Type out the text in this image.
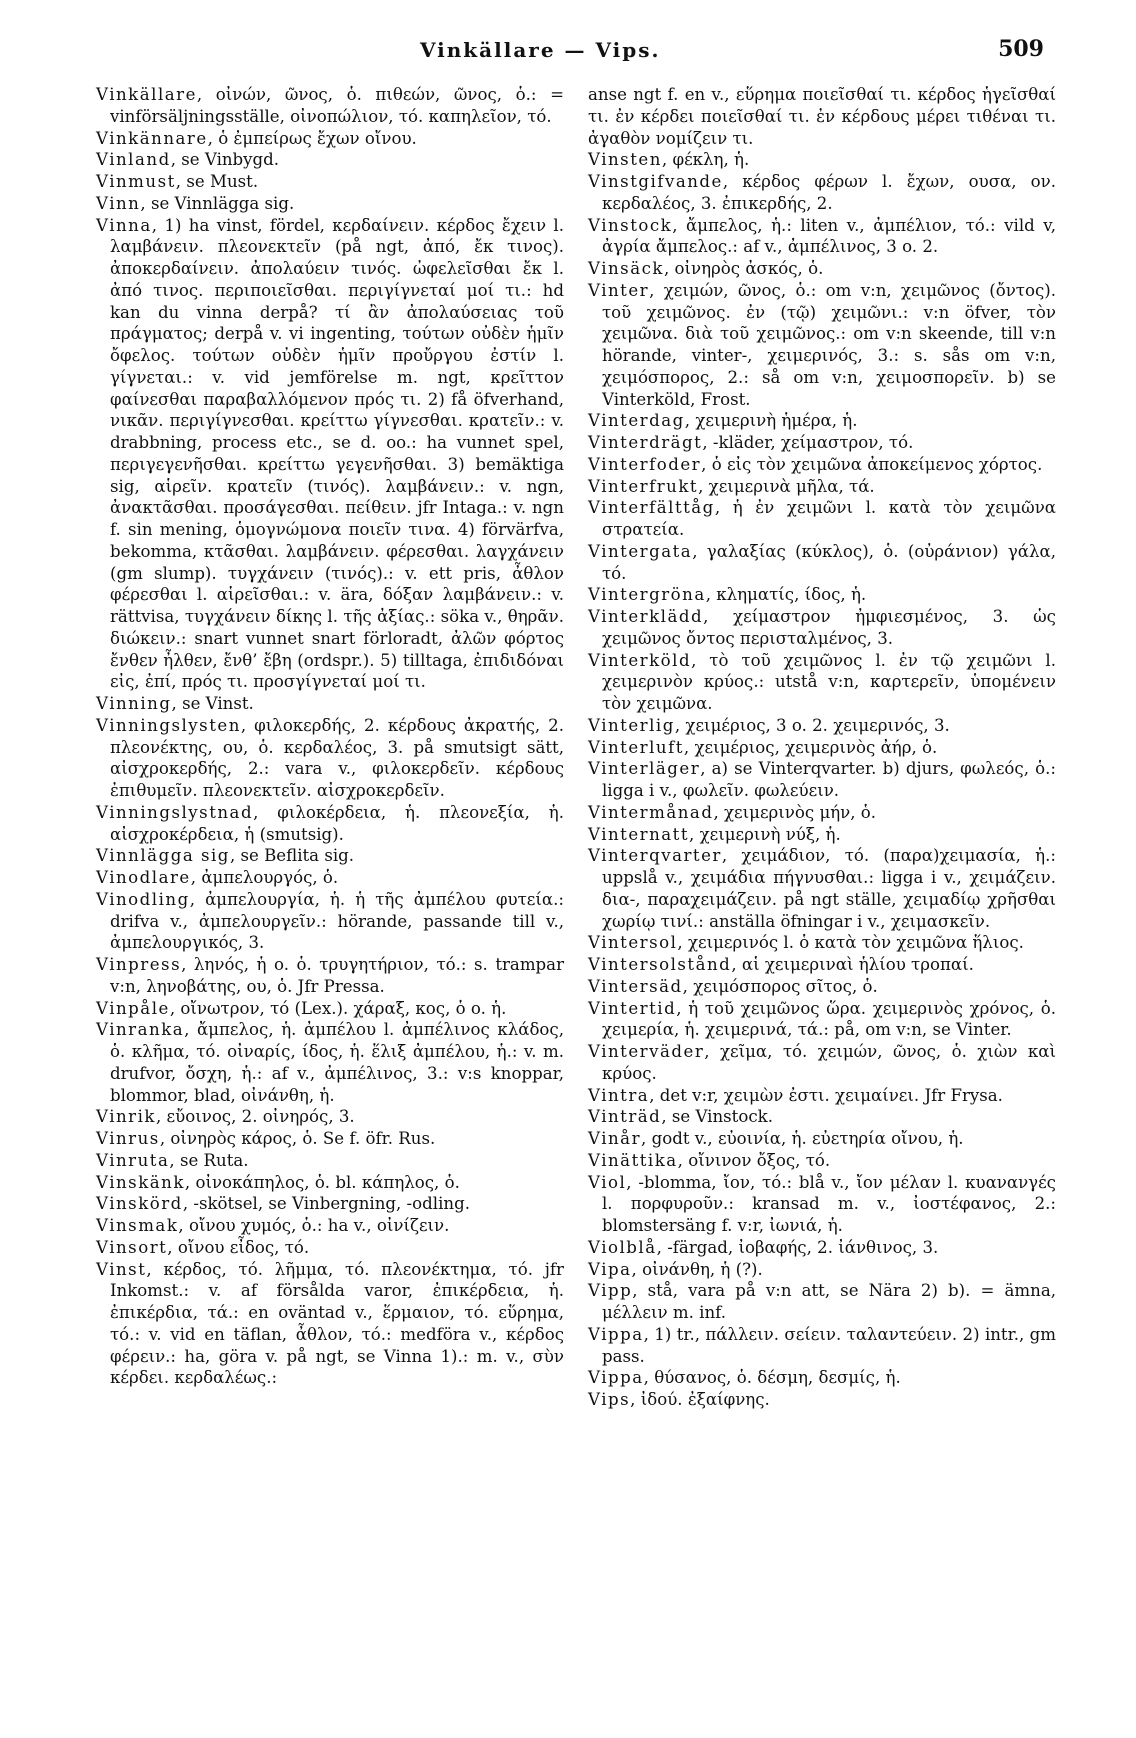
Vinkällare — Vips.	509

Vinkällare , οἰνών, ῶνος, ὁ. πιθεών, ῶνος, ὁ.: = vinförsäljningsställe, οἰνοπώλιον, τό. καπηλεῖον, τό.

Vinkännare , ὁ ἐμπείρως ἔχων οἴνου.

Vinland , se Vinbygd.

Vinmust , se Must.

Vinn , se Vinnlägga sig.

Vinna , 1) ha vinst, fördel, κερδαίνειν. κέρδος ἔχειν l. λαμβάνειν. πλεονεκτεῖν (på ngt, ἀπό, ἔκ τινος). ἀποκερδαίνειν. ἀπολαύειν τινός. ὠφελεῖσθαι ἔκ l. ἀπό τινος. περιποιεῖσθαι. περιγίγνεταί μοί τι.: hd kan du vinna derpå? τί ἂν ἀπολαύσειας τοῦ πράγματος; derpå v. vi ingenting, τούτων οὐδὲν ἡμῖν ὄφελος. τούτων οὐδὲν ἡμῖν προὔργου ἐστίν l. γίγνεται.: v. vid jemförelse m. ngt, κρεῖττον φαίνεσθαι παραβαλλόμενον πρός τι. 2) få öfverhand, νικᾶν. περιγίγνεσθαι. κρείττω γίγνεσθαι. κρατεῖν.: v. drabbning, process etc., se d. oo.: ha vunnet spel, περιγεγενῆσθαι. κρείττω γεγενῆσθαι. 3) bemäktiga sig, αἱρεῖν. κρατεῖν (τινός). λαμβάνειν.: v. ngn, ἀνακτᾶσθαι. προσάγεσθαι. πείθειν. jfr Intaga.: v. ngn f. sin mening, ὁμογνώμονα ποιεῖν τινα. 4) förvärfva, bekomma, κτᾶσθαι. λαμβάνειν. φέρεσθαι. λαγχάνειν (gm slump). τυγχάνειν (τινός).: v. ett pris, ἆθλον φέρεσθαι l. αἱρεῖσθαι.: v. ära, δόξαν λαμβάνειν.: v. rättvisa, τυγχάνειν δίκης l. τῆς ἀξίας.: söka v., θηρᾶν. διώκειν.: snart vunnet snart förloradt, ἀλῶν φόρτος ἔνθεν ἦλθεν, ἔνθ’ ἔβη (ordspr.). 5) tilltaga, ἐπιδιδόναι εἰς, ἐπί, πρός τι. προσγίγνεταί μοί τι.

Vinning , se Vinst.

Vinningslysten , φιλοκερδής, 2. κέρδους ἀκρατής, 2. πλεονέκτης, ου, ὁ. κερδαλέος, 3. på smutsigt sätt, αἰσχροκερδής, 2.: vara v., φιλοκερδεῖν. κέρδους ἐπιθυμεῖν. πλεονεκτεῖν. αἰσχροκερδεῖν.

Vinningslystnad , φιλοκέρδεια, ἡ. πλεονεξία, ἡ. αἰσχροκέρδεια, ἡ (smutsig).

Vinnlägga sig , se Beflita sig.

Vinodlare , ἀμπελουργός, ὁ.

Vinodling , ἀμπελουργία, ἡ. ἡ τῆς ἀμπέλου φυτεία.: drifva v., ἀμπελουργεῖν.: hörande, passande till v., ἀμπελουργικός, 3.

Vinpress , ληνός, ἡ o. ὁ. τρυγητήριον, τό.: s. trampar v:n, ληνοβάτης, ου, ὁ. Jfr Pressa.

Vinpåle , οἴνωτρον, τό (Lex.). χάραξ, κος, ὁ o. ἡ.

Vinranka , ἄμπελος, ἡ. ἀμπέλου l. ἀμπέλινος κλάδος, ὁ. κλῆμα, τό. οἰναρίς, ίδος, ἡ. ἕλιξ ἀμπέλου, ἡ.: v. m. drufvor, ὄσχη, ἡ.: af v., ἀμπέλινος, 3.: v:s knoppar, blommor, blad, οἰνάνθη, ἡ.

Vinrik , εὔοινος, 2. οἰνηρός, 3.

Vinrus , οἰνηρὸς κάρος, ὁ. Se f. öfr. Rus.

Vinruta , se Ruta.

Vinskänk , οἰνοκάπηλος, ὁ. bl. κάπηλος, ὁ.

Vinskörd , -skötsel, se Vinbergning, -odling.

Vinsmak , οἴνου χυμός, ὁ.: ha v., οἰνίζειν.

Vinsort , οἴνου εἶδος, τό.

Vinst , κέρδος, τό. λῆμμα, τό. πλεονέκτημα, τό. jfr Inkomst.: v. af försålda varor, ἐπικέρδεια, ἡ. ἐπικέρδια, τά.: en oväntad v., ἕρμαιον, τό. εὕρημα, τό.: v. vid en täflan, ἆθλον, τό.: medföra v., κέρδος φέρειν.: ha, göra v. på ngt, se Vinna 1).: m. v., σὺν κέρδει. κερδαλέως.:

anse ngt f. en v., εὕρημα ποιεῖσθαί τι. κέρδος ἡγεῖσθαί τι. ἐν κέρδει ποιεῖσθαί τι. ἐν κέρδους μέρει τιθέναι τι. ἀγαθὸν νομίζειν τι.

Vinsten , φέκλη, ἡ.

Vinstgifvande , κέρδος φέρων l. ἔχων, ουσα, ον. κερδαλέος, 3. ἐπικερδής, 2.

Vinstock , ἄμπελος, ἡ.: liten v., ἀμπέλιον, τό.: vild v, ἀγρία ἄμπελος.: af v., ἀμπέλινος, 3 o. 2.

Vinsäck , οἰνηρὸς ἀσκός, ὁ.

Vinter , χειμών, ῶνος, ὁ.: om v:n, χειμῶνος (ὄντος). τοῦ χειμῶνος. ἐν (τῷ) χειμῶνι.: v:n öfver, τὸν χειμῶνα. διὰ τοῦ χειμῶνος.: om v:n skeende, till v:n hörande, vinter-, χειμερινός, 3.: s. sås om v:n, χειμόσπορος, 2.: så om v:n, χειμοσπορεῖν. b) se Vinterköld, Frost.

Vinterdag , χειμερινὴ ἡμέρα, ἡ.

Vinterdrägt , -kläder, χείμαστρον, τό.

Vinterfoder , ὁ εἰς τὸν χειμῶνα ἀποκείμενος χόρτος.

Vinterfrukt , χειμερινὰ μῆλα, τά.

Vinterfälttåg , ἡ ἐν χειμῶνι l. κατὰ τὸν χειμῶνα στρατεία.

Vintergata , γαλαξίας (κύκλος), ὁ. (οὐράνιον) γάλα, τό.

Vintergröna , κληματίς, ίδος, ἡ.

Vinterklädd , χείμαστρον ἠμφιεσμένος, 3. ὡς χειμῶνος ὄντος περισταλμένος, 3.

Vinterköld , τὸ τοῦ χειμῶνος l. ἐν τῷ χειμῶνι l. χειμερινὸν κρύος.: utstå v:n, καρτερεῖν, ὑπομένειν τὸν χειμῶνα.

Vinterlig , χειμέριος, 3 o. 2. χειμερινός, 3.

Vinterluft , χειμέριος, χειμερινὸς ἀήρ, ὁ.

Vinterläger , a) se Vinterqvarter. b) djurs, φωλεός, ὁ.: ligga i v., φωλεῖν. φωλεύειν.

Vintermånad , χειμερινὸς μήν, ὁ.

Vinternatt , χειμερινὴ νύξ, ἡ.

Vinterqvarter , χειμάδιον, τό. (παρα)χειμασία, ἡ.: uppslå v., χειμάδια πήγνυσθαι.: ligga i v., χειμάζειν. δια-, παραχειμάζειν. på ngt ställe, χειμαδίῳ χρῆσθαι χωρίῳ τινί.: anställa öfningar i v., χειμασκεῖν.

Vintersol , χειμερινός l. ὁ κατὰ τὸν χειμῶνα ἥλιος.

Vintersolstånd , αἱ χειμεριναὶ ἡλίου τροπαί.

Vintersäd , χειμόσπορος σῖτος, ὁ.

Vintertid , ἡ τοῦ χειμῶνος ὥρα. χειμερινὸς χρόνος, ὁ. χειμερία, ἡ. χειμερινά, τά.: på, om v:n, se Vinter.

Vinterväder , χεῖμα, τό. χειμών, ῶνος, ὁ. χιὼν καὶ κρύος.

Vintra , det v:r, χειμὼν ἐστι. χειμαίνει. Jfr Frysa.

Vinträd , se Vinstock.

Vinår , godt v., εὐοινία, ἡ. εὐετηρία οἴνου, ἡ.

Vinättika , οἴνινον ὄξος, τό.

Viol , -blomma, ἴον, τό.: blå v., ἴον μέλαν l. κυανανγές l. πορφυροῦν.: kransad m. v., ἰοστέφανος, 2.: blomstersäng f. v:r, ἰωνιά, ἡ.

Violblå , -färgad, ἰοβαφής, 2. ἰάνθινος, 3.

Vipa , οἰνάνθη, ἡ (?).

Vipp , stå, vara på v:n att, se Nära 2) b). = ämna, μέλλειν m. inf.

Vippa , 1) tr., πάλλειν. σείειν. ταλαντεύειν. 2) intr., gm pass.

Vippa , θύσανος, ὁ. δέσμη, δεσμίς, ἡ.

Vips , ἰδού. ἐξαίφνης.
